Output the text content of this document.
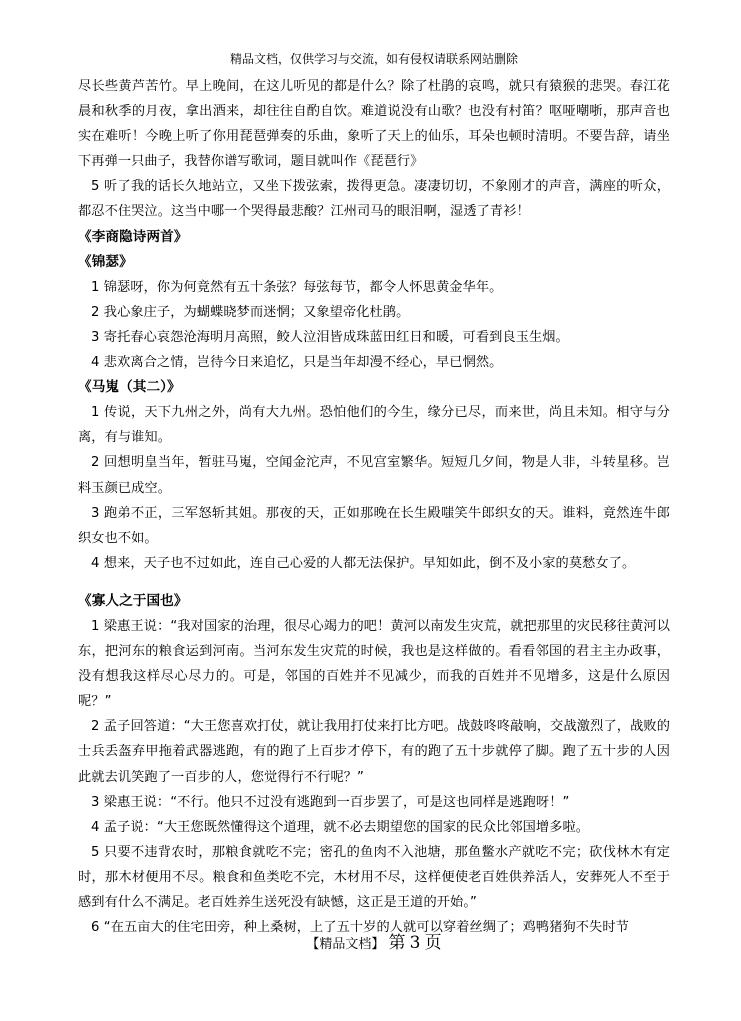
精品文档，仅供学习与交流，如有侵权请联系网站删除

尽长些黄芦苦竹。早上晚间，在这儿听见的都是什么？除了杜鹃的哀鸣，就只有猿猴的悲哭。春江花晨和秋季的月夜，拿出酒来，却往往自酌自饮。难道说没有山歌？也没有村笛？呕哑嘲哳，那声音也实在难听！今晚上听了你用琵琶弹奏的乐曲，象听了天上的仙乐，耳朵也顿时清明。不要告辞，请坐下再弹一只曲子，我替你谱写歌词，题目就叫作《琵琶行》

5 听了我的话长久地站立，又坐下拨弦索，拨得更急。凄凄切切，不象刚才的声音，满座的听众，都忍不住哭泣。这当中哪一个哭得最悲酸？江州司马的眼泪啊，湿透了青衫！

《李商隐诗两首》

《锦瑟》

1 锦瑟呀，你为何竟然有五十条弦？每弦每节，都令人怀思黄金华年。

2 我心象庄子，为蝴蝶晓梦而迷惘；又象望帝化杜鹃。

3 寄托春心哀怨沧海明月高照，鲛人泣泪皆成珠蓝田红日和暖，可看到良玉生烟。

4 悲欢离合之情，岂待今日来追忆，只是当年却漫不经心，早已惘然。

《马嵬（其二）》

1 传说，天下九州之外，尚有大九州。恐怕他们的今生，缘分已尽，而来世，尚且未知。相守与分离，有与谁知。

2 回想明皇当年，暂驻马嵬，空闻金沱声，不见宫室繁华。短短几夕间，物是人非，斗转星移。岂料玉颜已成空。

3 跑弟不正，三军怒斩其姐。那夜的天，正如那晚在长生殿嗤笑牛郎织女的天。谁料，竟然连牛郎织女也不如。

4 想来，天子也不过如此，连自己心爱的人都无法保护。早知如此，倒不及小家的莫愁女了。

《寡人之于国也》

1 梁惠王说：“我对国家的治理，很尽心竭力的吧！黄河以南发生灾荒，就把那里的灾民移往黄河以东，把河东的粮食运到河南。当河东发生灾荒的时候，我也是这样做的。看看邻国的君主主办政事，没有想我这样尽心尽力的。可是，邻国的百姓并不见减少，而我的百姓并不见增多，这是什么原因呢？”

2 孟子回答道：“大王您喜欢打仗，就让我用打仗来打比方吧。战鼓咚咚敲响，交战激烈了，战败的士兵丢盔弃甲拖着武器逃跑，有的跑了上百步才停下，有的跑了五十步就停了脚。跑了五十步的人因此就去讥笑跑了一百步的人，您觉得行不行呢？”

3 梁惠王说：“不行。他只不过没有逃跑到一百步罢了，可是这也同样是逃跑呀！”

4 孟子说：“大王您既然懂得这个道理，就不必去期望您的国家的民众比邻国增多啦。

5 只要不违背农时，那粮食就吃不完；密孔的鱼肉不入池塘，那鱼鳖水产就吃不完；砍伐林木有定时，那木材便用不尽。粮食和鱼类吃不完，木材用不尽，这样便使老百姓供养活人，安葬死人不至于感到有什么不满足。老百姓养生送死没有缺憾，这正是王道的开始。”

6 “在五亩大的住宅田旁，种上桑树，上了五十岁的人就可以穿着丝绸了；鸡鸭猪狗不失时节

【精品文档】 第 3 页
